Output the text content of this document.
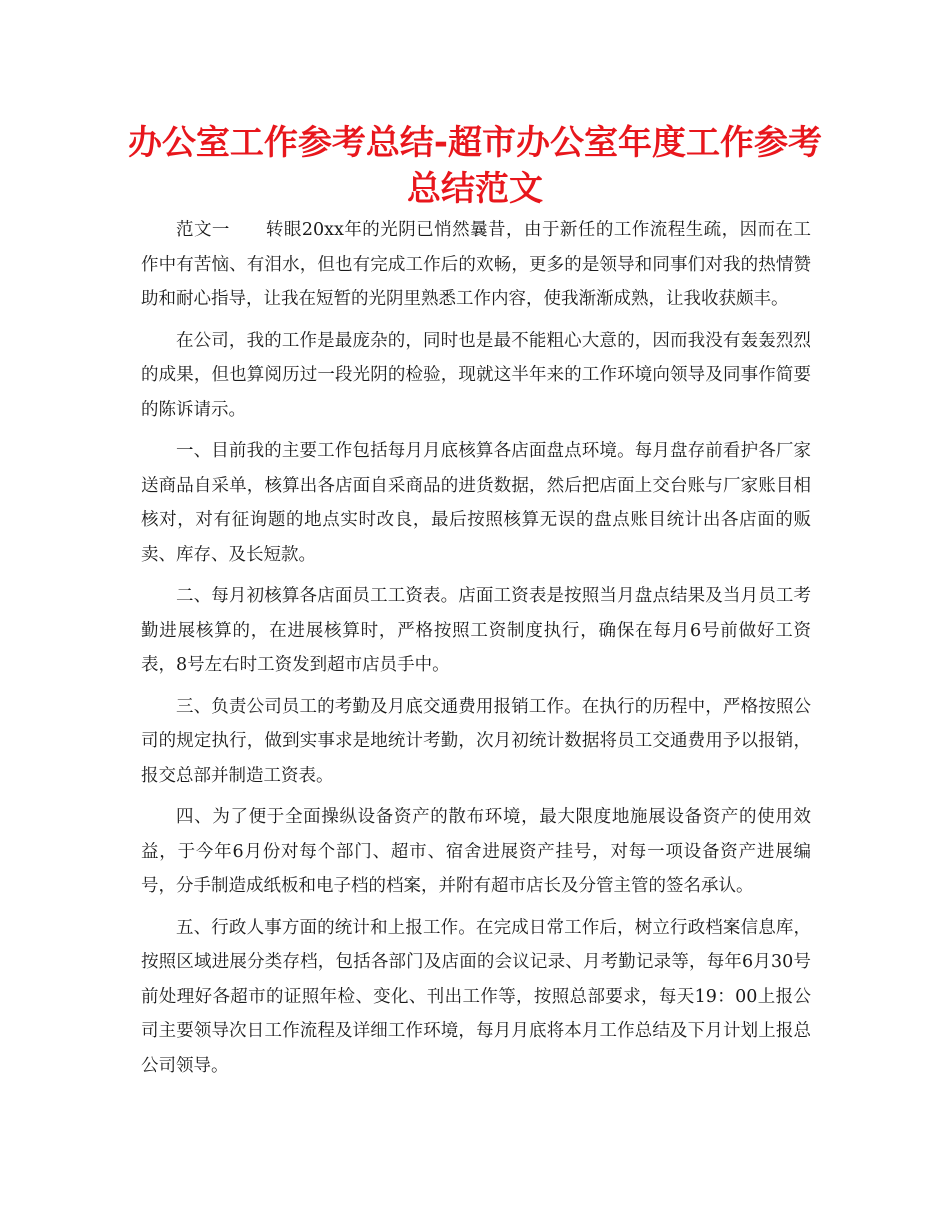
办公室工作参考总结-超市办公室年度工作参考总结范文

范文一 转眼20xx年的光阴已悄然曩昔，由于新任的工作流程生疏，因而在工作中有苦恼、有泪水，但也有完成工作后的欢畅，更多的是领导和同事们对我的热情赞助和耐心指导，让我在短暂的光阴里熟悉工作内容，使我渐渐成熟，让我收获颇丰。

在公司，我的工作是最庞杂的，同时也是最不能粗心大意的，因而我没有轰轰烈烈的成果，但也算阅历过一段光阴的检验，现就这半年来的工作环境向领导及同事作简要的陈诉请示。

一、目前我的主要工作包括每月月底核算各店面盘点环境。每月盘存前看护各厂家送商品自采单，核算出各店面自采商品的进货数据，然后把店面上交台账与厂家账目相核对，对有征询题的地点实时改良，最后按照核算无误的盘点账目统计出各店面的贩卖、库存、及长短款。

二、每月初核算各店面员工工资表。店面工资表是按照当月盘点结果及当月员工考勤进展核算的，在进展核算时，严格按照工资制度执行，确保在每月6号前做好工资表，8号左右时工资发到超市店员手中。

三、负责公司员工的考勤及月底交通费用报销工作。在执行的历程中，严格按照公司的规定执行，做到实事求是地统计考勤，次月初统计数据将员工交通费用予以报销，报交总部并制造工资表。

四、为了便于全面操纵设备资产的散布环境，最大限度地施展设备资产的使用效益，于今年6月份对每个部门、超市、宿舍进展资产挂号，对每一项设备资产进展编号，分手制造成纸板和电子档的档案，并附有超市店长及分管主管的签名承认。

五、行政人事方面的统计和上报工作。在完成日常工作后，树立行政档案信息库，按照区域进展分类存档，包括各部门及店面的会议记录、月考勤记录等，每年6月30号前处理好各超市的证照年检、变化、刊出工作等，按照总部要求，每天19：00上报公司主要领导次日工作流程及详细工作环境，每月月底将本月工作总结及下月计划上报总公司领导。
